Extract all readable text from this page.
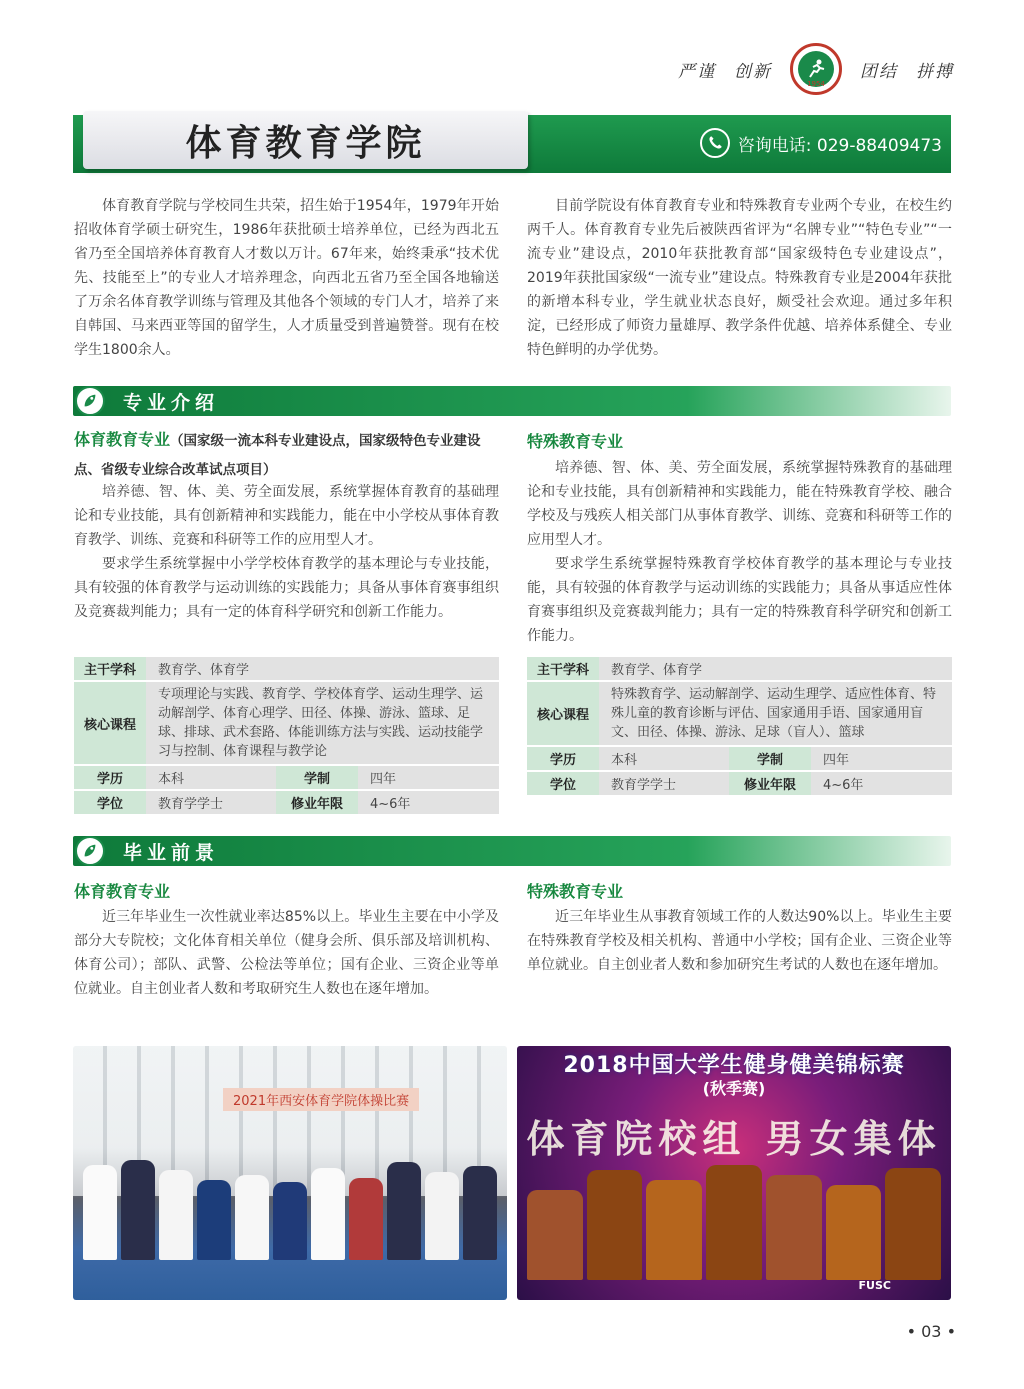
严谨 创新
1954
团结 拼搏
体育教育学院	咨询电话: 029-88409473

体育教育学院与学校同生共荣，招生始于1954年，1979年开始招收体育学硕士研究生，1986年获批硕士培养单位，已经为西北五省乃至全国培养体育教育人才数以万计。67年来，始终秉承“技术优先、技能至上”的专业人才培养理念，向西北五省乃至全国各地输送了万余名体育教学训练与管理及其他各个领域的专门人才，培养了来自韩国、马来西亚等国的留学生，人才质量受到普遍赞誉。现有在校学生1800余人。

目前学院设有体育教育专业和特殊教育专业两个专业，在校生约两千人。体育教育专业先后被陕西省评为“名牌专业”“特色专业”“一流专业”建设点，2010年获批教育部“国家级特色专业建设点”，2019年获批国家级“一流专业”建设点。特殊教育专业是2004年获批的新增本科专业，学生就业状态良好，颇受社会欢迎。通过多年积淀，已经形成了师资力量雄厚、教学条件优越、培养体系健全、专业特色鲜明的办学优势。

专业介绍
体育教育专业（国家级一流本科专业建设点，国家级特色专业建设点、省级专业综合改革试点项目）

培养德、智、体、美、劳全面发展，系统掌握体育教育的基础理论和专业技能，具有创新精神和实践能力，能在中小学校从事体育教育教学、训练、竞赛和科研等工作的应用型人才。

要求学生系统掌握中小学学校体育教学的基本理论与专业技能，具有较强的体育教学与运动训练的实践能力；具备从事体育赛事组织及竞赛裁判能力；具有一定的体育科学研究和创新工作能力。

主干学科	教育学、体育学		
核心课程	专项理论与实践、教育学、学校体育学、运动生理学、运动解剖学、体育心理学、田径、体操、游泳、篮球、足球、排球、武术套路、体能训练方法与实践、运动技能学习与控制、体育课程与教学论		
学历	本科	学制	四年
学位	教育学学士	修业年限	4~6年
特殊教育专业

培养德、智、体、美、劳全面发展，系统掌握特殊教育的基础理论和专业技能，具有创新精神和实践能力，能在特殊教育学校、融合学校及与残疾人相关部门从事体育教学、训练、竞赛和科研等工作的应用型人才。

要求学生系统掌握特殊教育学校体育教学的基本理论与专业技能，具有较强的体育教学与运动训练的实践能力；具备从事适应性体育赛事组织及竞赛裁判能力；具有一定的特殊教育科学研究和创新工作能力。

主干学科	教育学、体育学		
核心课程	特殊教育学、运动解剖学、运动生理学、适应性体育、特殊儿童的教育诊断与评估、国家通用手语、国家通用盲文、田径、体操、游泳、足球（盲人）、篮球		
学历	本科	学制	四年
学位	教育学学士	修业年限	4~6年
毕业前景
体育教育专业

近三年毕业生一次性就业率达85%以上。毕业生主要在中小学及部分大专院校；文化体育相关单位（健身会所、俱乐部及培训机构、体育公司）；部队、武警、公检法等单位；国有企业、三资企业等单位就业。自主创业者人数和考取研究生人数也在逐年增加。

特殊教育专业

近三年毕业生从事教育领域工作的人数达90%以上。毕业生主要在特殊教育学校及相关机构、普通中小学校；国有企业、三资企业等单位就业。自主创业者人数和参加研究生考试的人数也在逐年增加。

2021年西安体育学院体操比赛
2018中国大学生健身健美锦标赛
(秋季赛)
体育院校组 男女集体
FUSC
• 03 •
